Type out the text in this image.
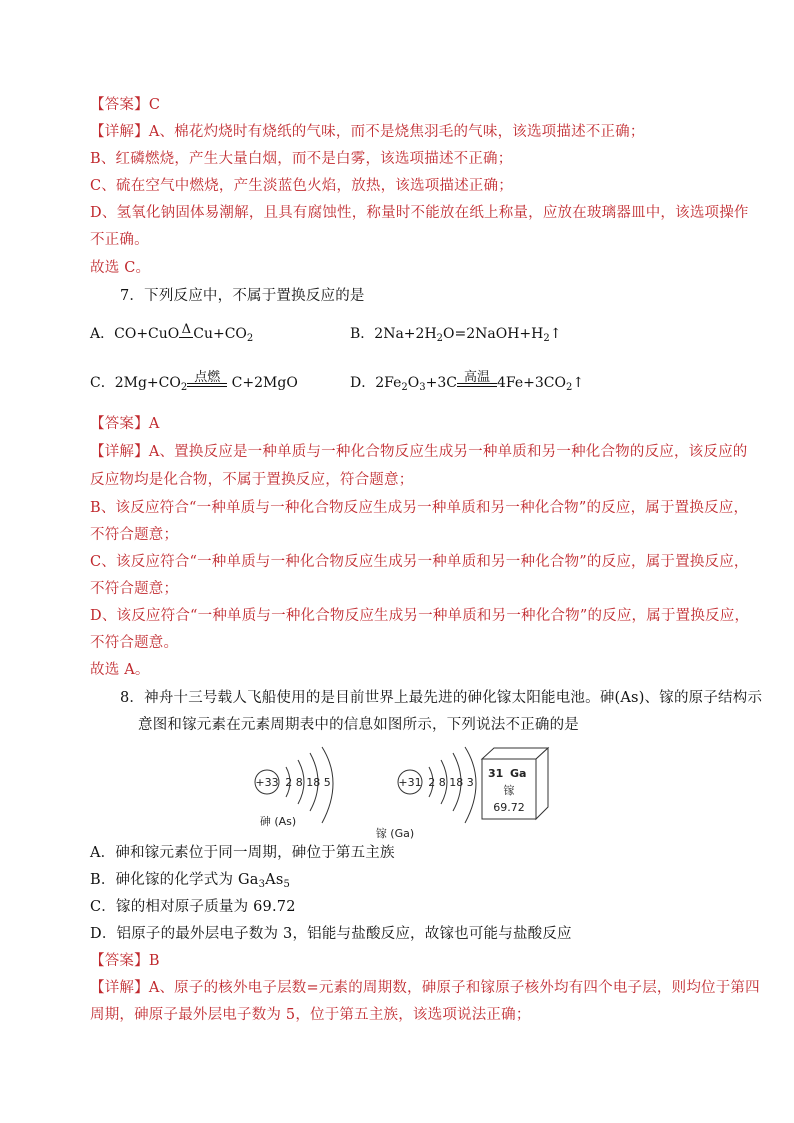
【答案】C
【详解】A、棉花灼烧时有烧纸的气味，而不是烧焦羽毛的气味，该选项描述不正确；
B、红磷燃烧，产生大量白烟，而不是白雾，该选项描述不正确；
C、硫在空气中燃烧，产生淡蓝色火焰，放热，该选项描述正确；
D、氢氧化钠固体易潮解，且具有腐蚀性，称量时不能放在纸上称量，应放在玻璃器皿中，该选项操作
不正确。
故选 C。
7．下列反应中，不属于置换反应的是
A．CO+CuO Δ $Cu+CO_2$	B．$2Na+2H_2O=2NaOH+H_2↑$
C．$2Mg+CO_2$
点燃 C+2MgO	D．$2Fe_2O_3+3C$ 高温 $4Fe+3CO_2↑$
【答案】A
【详解】A、置换反应是一种单质与一种化合物反应生成另一种单质和另一种化合物的反应，该反应的
反应物均是化合物，不属于置换反应，符合题意；
B、该反应符合“一种单质与一种化合物反应生成另一种单质和另一种化合物”的反应，属于置换反应，
不符合题意；
C、该反应符合“一种单质与一种化合物反应生成另一种单质和另一种化合物”的反应，属于置换反应，
不符合题意；
D、该反应符合“一种单质与一种化合物反应生成另一种单质和另一种化合物”的反应，属于置换反应，
不符合题意。
故选 A。
8．神舟十三号载人飞船使用的是目前世界上最先进的砷化镓太阳能电池。砷(As)、镓的原子结构示
意图和镓元素在元素周期表中的信息如图所示，下列说法不正确的是
+33 2 8 18 5
砷 (As)
+31 2 8 18 3
镓 (Ga)
31 Ga
镓
69.72
A．砷和镓元素位于同一周期，砷位于第五主族
B．砷化镓的化学式为 $Ga_3As_5$
C．镓的相对原子质量为 69.72
D．铝原子的最外层电子数为 3，铝能与盐酸反应，故镓也可能与盐酸反应
【答案】B
【详解】A、原子的核外电子层数=元素的周期数，砷原子和镓原子核外均有四个电子层，则均位于第四
周期，砷原子最外层电子数为 5，位于第五主族，该选项说法正确；
